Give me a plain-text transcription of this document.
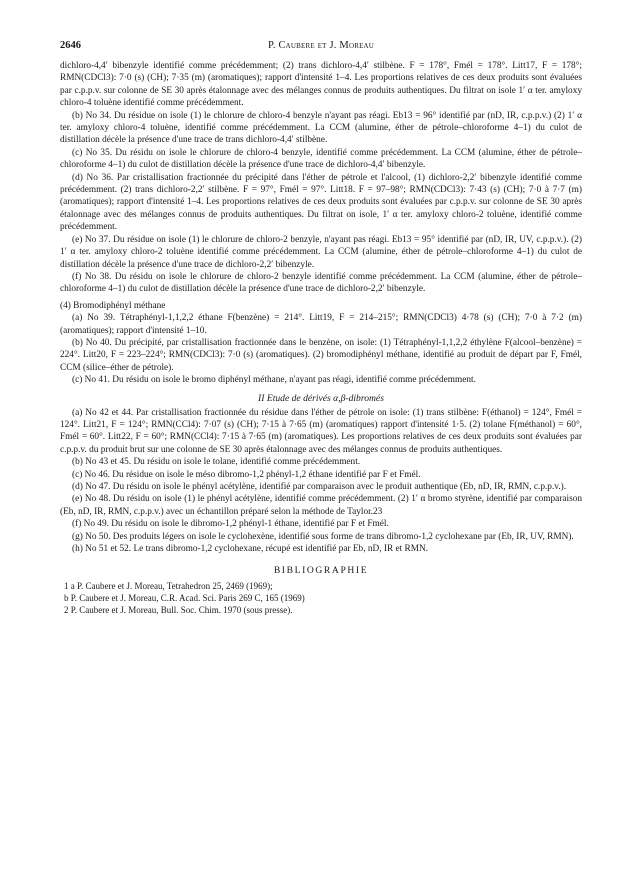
2646	P. Caubere et J. Moreau

dichloro-4,4′ bibenzyle identifié comme précédemment; (2) trans dichloro-4,4′ stilbène. F = 178°, Fmél = 178°. Litt17, F = 178°; RMN(CDCl3): 7·0 (s) (CH); 7·35 (m) (aromatiques); rapport d'intensité 1–4. Les proportions relatives de ces deux produits sont évaluées par c.p.p.v. sur colonne de SE 30 après étalonnage avec des mélanges connus de produits authentiques. Du filtrat on isole 1′ α ter. amyloxy chloro-4 toluène identifié comme précédemment.

(b) No 34. Du résidue on isole (1) le chlorure de chloro-4 benzyle n'ayant pas réagi. Eb13 = 96° identifié par (nD, IR, c.p.p.v.) (2) 1′ α ter. amyloxy chloro-4 toluène, identifié comme précédemment. La CCM (alumine, éther de pétrole–chloroforme 4–1) du culot de distillation décèle la présence d'une trace de trans dichloro-4,4′ stilbène.

(c) No 35. Du résidu on isole le chlorure de chloro-4 benzyle, identifié comme précédemment. La CCM (alumine, éther de pétrole–chloroforme 4–1) du culot de distillation décèle la présence d'une trace de dichloro-4,4′ bibenzyle.

(d) No 36. Par cristallisation fractionnée du précipité dans l'éther de pétrole et l'alcool, (1) dichloro-2,2′ bibenzyle identifié comme précédemment. (2) trans dichloro-2,2′ stilbène. F = 97°, Fmél = 97°. Litt18. F = 97–98°; RMN(CDCl3): 7·43 (s) (CH); 7·0 à 7·7 (m) (aromatiques); rapport d'intensité 1–4. Les proportions relatives de ces deux produits sont évaluées par c.p.p.v. sur colonne de SE 30 après étalonnage avec des mélanges connus de produits authentiques. Du filtrat on isole, 1′ α ter. amyloxy chloro-2 toluène, identifié comme précédemment.

(e) No 37. Du résidue on isole (1) le chlorure de chloro-2 benzyle, n'ayant pas réagi. Eb13 = 95° identifié par (nD, IR, UV, c.p.p.v.). (2) 1′ α ter. amyloxy chloro-2 toluène identifié comme précédemment. La CCM (alumine, éther de pétrole–chloroforme 4–1) du culot de distillation décèle la présence d'une trace de dichloro-2,2′ bibenzyle.

(f) No 38. Du résidu on isole le chlorure de chloro-2 benzyle identifié comme précédemment. La CCM (alumine, éther de pétrole–chloroforme 4–1) du culot de distillation décèle la présence d'une trace de dichloro-2,2′ bibenzyle.

(4) Bromodiphényl méthane

(a) No 39. Tétraphényl-1,1,2,2 éthane F(benzène) = 214°. Litt19, F = 214–215°; RMN(CDCl3) 4·78 (s) (CH); 7·0 à 7·2 (m) (aromatiques); rapport d'intensité 1–10.

(b) No 40. Du précipité, par cristallisation fractionnée dans le benzène, on isole: (1) Tétraphényl-1,1,2,2 éthylène F(alcool–benzène) = 224°. Litt20, F = 223–224°; RMN(CDCl3): 7·0 (s) (aromatiques). (2) bromodiphényl méthane, identifié au produit de départ par F, Fmél, CCM (silice–éther de pétrole).

(c) No 41. Du résidu on isole le bromo diphényl méthane, n'ayant pas réagi, identifié comme précédemment.

II Etude de dérivés α,β-dibromés

(a) No 42 et 44. Par cristallisation fractionnée du résidue dans l'éther de pétrole on isole: (1) trans stilbène: F(éthanol) = 124°, Fmél = 124°. Litt21, F = 124°; RMN(CCl4): 7·07 (s) (CH); 7·15 à 7·65 (m) (aromatiques) rapport d'intensité 1·5. (2) tolane F(méthanol) = 60°, Fmél = 60°. Litt22, F = 60°; RMN(CCl4): 7·15 à 7·65 (m) (aromatiques). Les proportions relatives de ces deux produits sont évaluées par c.p.p.v. du produit brut sur une colonne de SE 30 après étalonnage avec des mélanges connus de produits authentiques.

(b) No 43 et 45. Du résidu on isole le tolane, identifié comme précédemment.

(c) No 46. Du résidue on isole le méso dibromo-1,2 phényl-1,2 éthane identifié par F et Fmél.

(d) No 47. Du résidu on isole le phényl acétylène, identifié par comparaison avec le produit authentique (Eb, nD, IR, RMN, c.p.p.v.).

(e) No 48. Du résidu on isole (1) le phényl acétylène, identifié comme précédemment. (2) 1′ α bromo styrène, identifié par comparaison (Eb, nD, IR, RMN, c.p.p.v.) avec un échantillon préparé selon la méthode de Taylor.23

(f) No 49. Du résidu on isole le dibromo-1,2 phényl-1 éthane, identifié par F et Fmél.

(g) No 50. Des produits légers on isole le cyclohexène, identifié sous forme de trans dibromo-1,2 cyclohexane par (Eb, IR, UV, RMN).

(h) No 51 et 52. Le trans dibromo-1,2 cyclohexane, récupé est identifié par Eb, nD, IR et RMN.

BIBLIOGRAPHIE

1 a P. Caubere et J. Moreau, Tetrahedron 25, 2469 (1969);

b P. Caubere et J. Moreau, C.R. Acad. Sci. Paris 269 C, 165 (1969)

2 P. Caubere et J. Moreau, Bull. Soc. Chim. 1970 (sous presse).
